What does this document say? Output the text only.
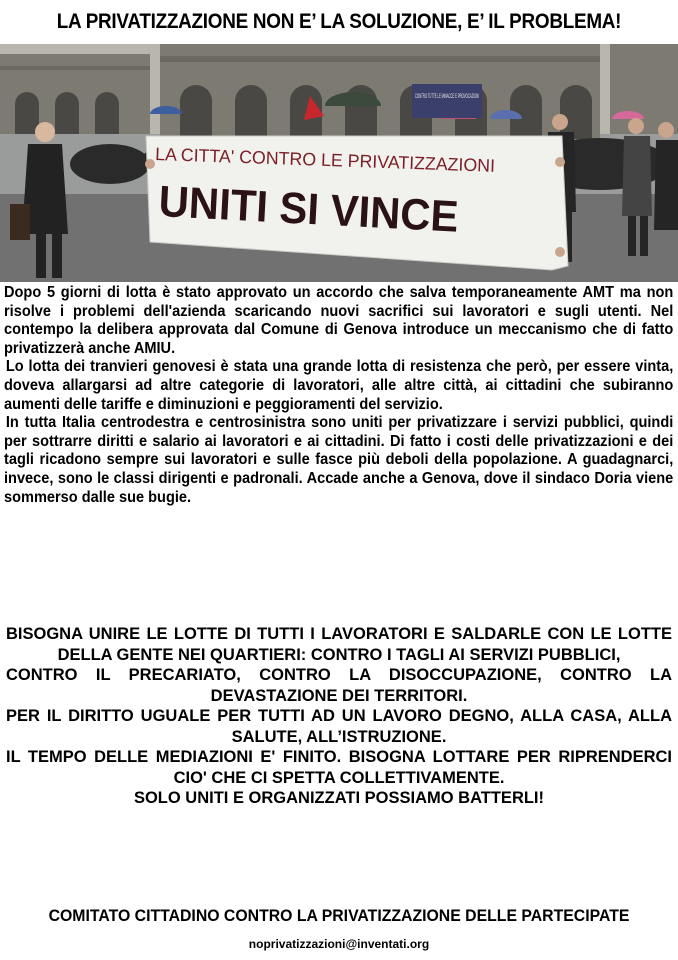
LA PRIVATIZZAZIONE NON E’ LA SOLUZIONE, E’ IL PROBLEMA!
CONTRO TUTTE LE MINACCE E PROVOCAZIONI
LA CITTA' CONTRO LE PRIVATIZZAZIONI
UNITI SI VINCE

Dopo 5 giorni di lotta è stato approvato un accordo che salva temporaneamente AMT ma non risolve i problemi dell'azienda scaricando nuovi sacrifici sui lavoratori e sugli utenti. Nel contempo la delibera approvata dal Comune di Genova introduce un meccanismo che di fatto privatizzerà anche AMIU.

Lo lotta dei tranvieri genovesi è stata una grande lotta di resistenza che però, per essere vinta, doveva allargarsi ad altre categorie di lavoratori, alle altre città, ai cittadini che subiranno aumenti delle tariffe e diminuzioni e peggioramenti del servizio.

In tutta Italia centrodestra e centrosinistra sono uniti per privatizzare i servizi pubblici, quindi per sottrarre diritti e salario ai lavoratori e ai cittadini. Di fatto i costi delle privatizzazioni e dei tagli ricadono sempre sui lavoratori e sulle fasce più deboli della popolazione. A guadagnarci, invece, sono le classi dirigenti e padronali. Accade anche a Genova, dove il sindaco Doria viene sommerso dalle sue bugie.

BISOGNA UNIRE LE LOTTE DI TUTTI I LAVORATORI E SALDARLE CON LE LOTTE DELLA GENTE NEI QUARTIERI: CONTRO I TAGLI AI SERVIZI PUBBLICI,

CONTRO IL PRECARIATO, CONTRO LA DISOCCUPAZIONE, CONTRO LA DEVASTAZIONE DEI TERRITORI.

PER IL DIRITTO UGUALE PER TUTTI AD UN LAVORO DEGNO, ALLA CASA, ALLA SALUTE, ALL’ISTRUZIONE.

IL TEMPO DELLE MEDIAZIONI E' FINITO. BISOGNA LOTTARE PER RIPRENDERCI CIO' CHE CI SPETTA COLLETTIVAMENTE.

SOLO UNITI E ORGANIZZATI POSSIAMO BATTERLI!

COMITATO CITTADINO CONTRO LA PRIVATIZZAZIONE DELLE PARTECIPATE
noprivatizzazioni@inventati.org
